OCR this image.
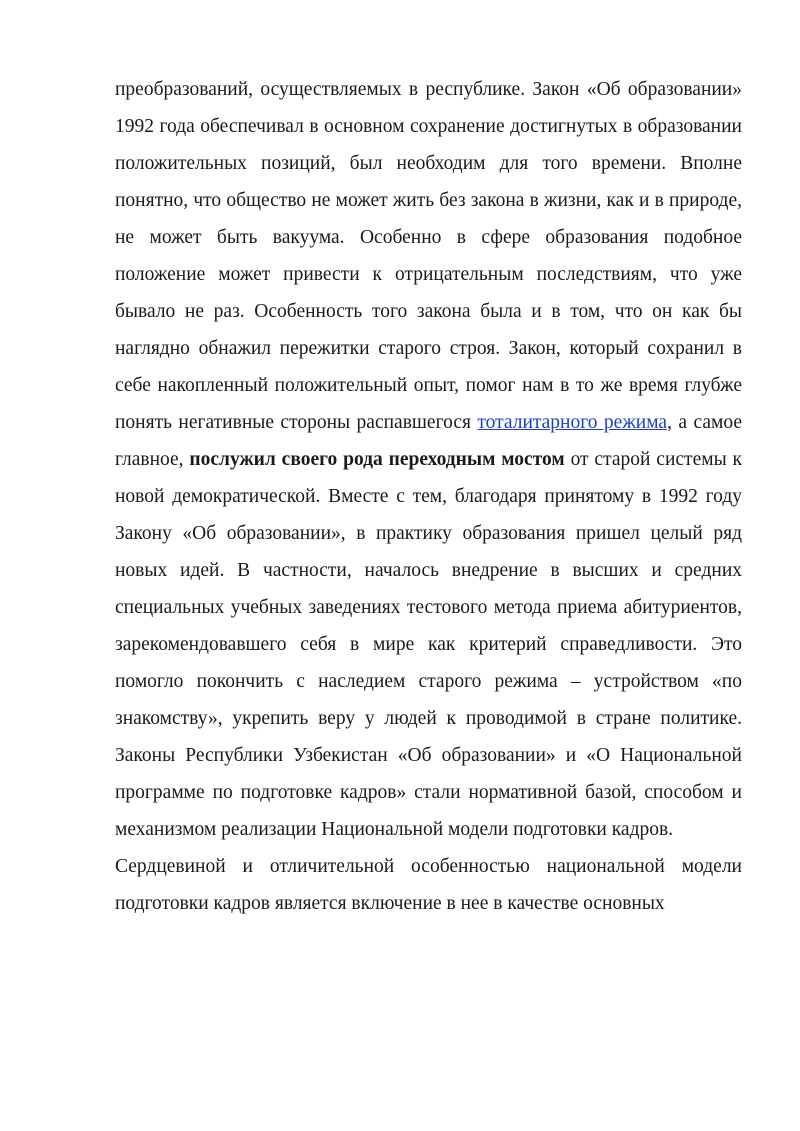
преобразований, осуществляемых в республике. Закон «Об образовании» 1992 года обеспечивал в основном сохранение достигнутых в образовании положительных позиций, был необходим для того времени. Вполне понятно, что общество не может жить без закона в жизни, как и в природе, не может быть вакуума. Особенно в сфере образования подобное положение может привести к отрицательным последствиям, что уже бывало не раз. Особенность того закона была и в том, что он как бы наглядно обнажил пережитки старого строя. Закон, который сохранил в себе накопленный положительный опыт, помог нам в то же время глубже понять негативные стороны распавшегося тоталитарного режима, а самое главное, послужил своего рода переходным мостом от старой системы к новой демократической. Вместе с тем, благодаря принятому в 1992 году Закону «Об образовании», в практику образования пришел целый ряд новых идей. В частности, началось внедрение в высших и средних специальных учебных заведениях тестового метода приема абитуриентов, зарекомендовавшего себя в мире как критерий справедливости. Это помогло покончить с наследием старого режима – устройством «по знакомству», укрепить веру у людей к проводимой в стране политике. Законы Республики Узбекистан «Об образовании» и «О Национальной программе по подготовке кадров» стали нормативной базой, способом и механизмом реализации Национальной модели подготовки кадров.

Сердцевиной и отличительной особенностью национальной модели подготовки кадров является включение в нее в качестве основных
